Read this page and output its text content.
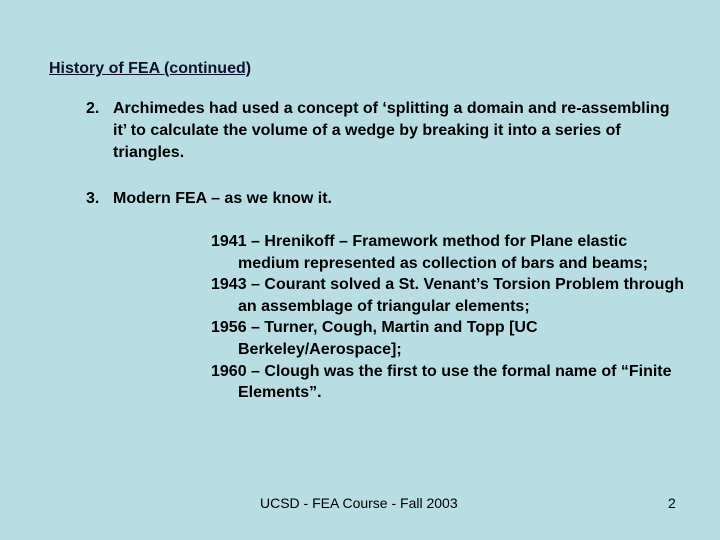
History of FEA (continued)
2. Archimedes had used a concept of ‘splitting a domain and re-assembling it’ to calculate the volume of a wedge by breaking it into a series of triangles.
3. Modern FEA – as we know it.
1941 – Hrenikoff – Framework method for Plane elastic medium represented as collection of bars and beams;
1943 – Courant solved a St. Venant’s Torsion Problem through an assemblage of triangular elements;
1956 – Turner, Cough, Martin and Topp [UC Berkeley/Aerospace];
1960 – Clough was the first to use the formal name of “Finite Elements”.
UCSD - FEA Course - Fall 2003	2
